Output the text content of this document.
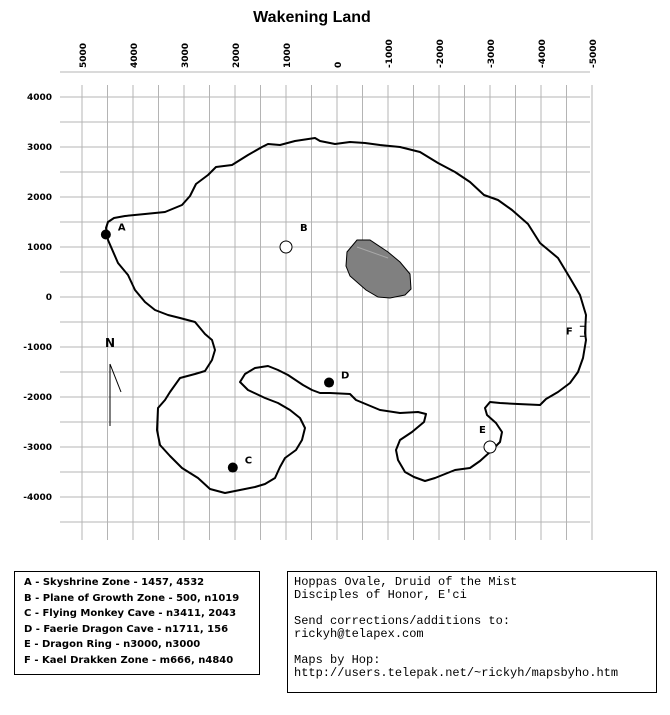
Wakening Land
5000	4000	3000	2000	1000	0	-1000	-2000	-3000	-4000	-5000
4000
3000
2000
1000
0
-1000
-2000
-3000
-4000
A	B
C
D
E
F
N
A - Skyshrine Zone - 1457, 4532
B - Plane of Growth Zone - 500, n1019
C - Flying Monkey Cave - n3411, 2043
D - Faerie Dragon Cave - n1711, 156
E - Dragon Ring - n3000, n3000
F - Kael Drakken Zone - m666, n4840
Hoppas Ovale, Druid of the Mist
Disciples of Honor, E'ci
Send corrections/additions to:
rickyh@telapex.com
Maps by Hop:
http://users.telepak.net/~rickyh/mapsbyho.htm
